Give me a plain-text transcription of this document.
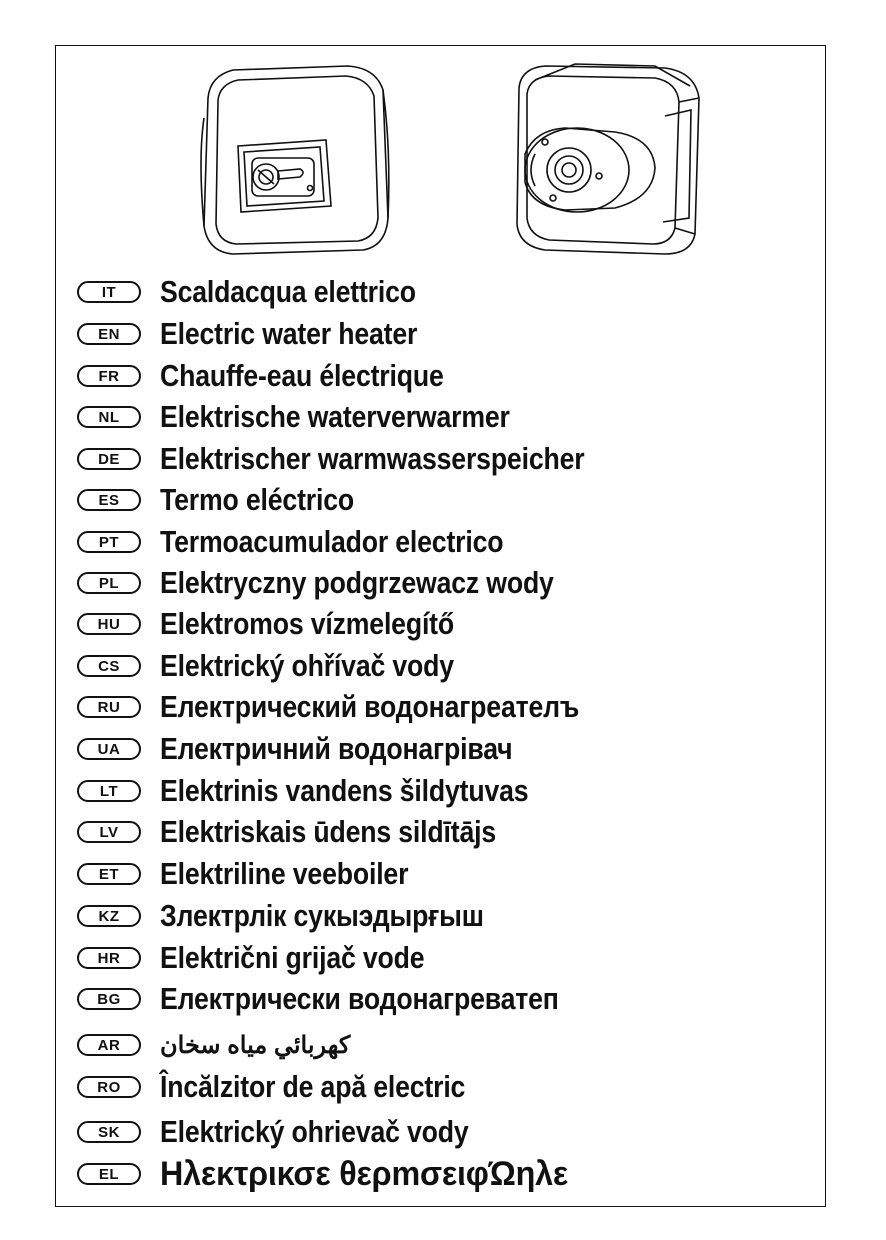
IT	Scaldacqua elettrico
EN	Electric water heater
FR	Chauffe-eau électrique
NL	Elektrische waterverwarmer
DE	Elektrischer warmwasserspeicher
ES	Termo eléctrico
PT	Termoacumulador electrico
PL	Elektryczny podgrzewacz wody
HU	Elektromos vízmelegítő
CS	Elektrický ohřívač vody
RU	Електрический водонагреателъ
UA	Електричний водонагрiвач
LT	Elektrinis vandens šildytuvas
LV	Elektriskais ūdens sildītājs
ET	Elektriline veeboiler
KZ	Злектрлiк сукыэдырғыш
HR	Električni grijač vode
BG	Електрически водонагреватеп
AR	كهربائي مياه سخان
RO	Încălzitor de apă electric
SK	Elektrický ohrievač vody
EL	Ηλεκτρικσε θερmσειφΏηλε
